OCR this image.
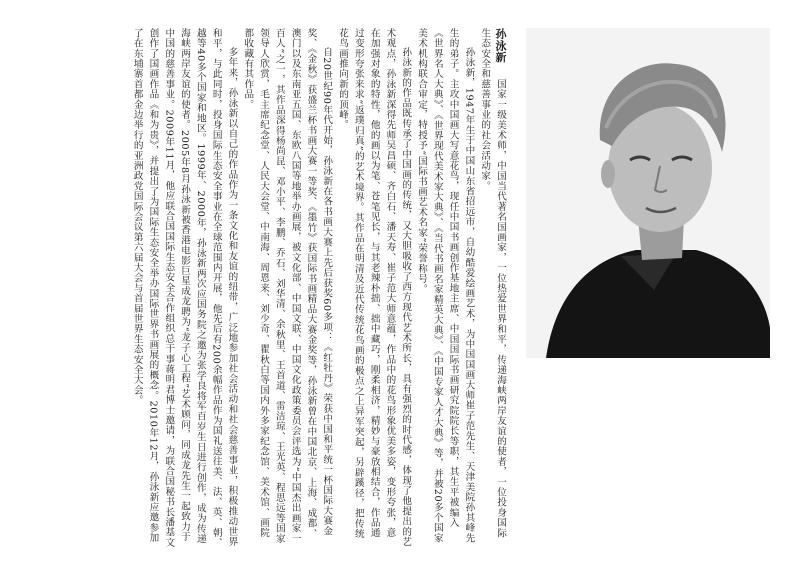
孙泳新　国家一级美术师，中国当代著名国画家，一位热爱世界和平，传递海峡两岸友谊的使者，一位投身国际生态安全和慈善事业的社会活动家。

孙泳新，1947年生于中国山东省招远市，自幼酷爱绘画艺术，为中国国画大师崔子范先生、天津美院孙其峰先生的弟子。主攻中国画大写意花鸟，现任中国书画创作基地主席、中国国际书画研究院院长等职，其生平被编入《世界名人大典》、《世界现代美术家大典》、《当代书画名家精英大典》、《中国专家人才大典》等，并被20多个国家美术机构联合审定，特授予“国际书画艺术名家”荣誉称号。

孙泳新的作品既传承了中国画的传统，又大胆吸收了西方现代艺术所长，具有强烈的时代感，体现了他提出的艺术观点，孙泳新深得先师吴昌硕、齐白石、潘天寿、崔子范大师意蕴，作品中的花鸟形象优美多姿，变形夸张，意在加强对象的特性，他的画以为笔、苍笔见长，与其老辣朴拙、拙中藏巧，刚柔相济，精妙与豪放相结合，作品通过变形夸张来求“返璞归真”的艺术境界。其作品在明清及近代传统花鸟画的极点之上异军突起，另辟蹊径，把传统花鸟画推向新的顶峰。

自20世纪90年代开始，孙泳新在各书画大赛上先后获奖60多项：《红牡丹》荣获中国和平统一杯国际大赛金奖、《金秋》获盛兰杯书画大赛一等奖、《墨竹》获国际书画精品大赛金奖等，孙泳新曾在中国北京、上海、成都、澳门以及东南亚五国、东欧八国等地举办画展，被文化部、中国文联、中国文化政策委员会评选为“中国杰出画家一百人”之一，其作品深得杨尚昆、邓小平、李鹏、乔石、刘华清、余秋里、王首道、雷洁琼、王光英、程思远等国家领导人欣赏，毛主席纪念堂、人民大会堂、中南海、周恩来、刘少奇、瞿秋白等国内外多家纪念馆、美术馆、画院都收藏有其作品。

多年来，孙泳新以自己的作品作为一条文化和友谊的纽带，广泛地参加社会活动和社会慈善事业，积极推动世界和平，与此同时，投身国际生态安全事业在全球范围内开展，他先后有200余幅作品作为国礼送往美、法、英、朝、越等40多个国家和地区。1999年、2000年，孙泳新两次应国务院之邀为张学良将军百岁生日进行创作，成为传递海峡两岸友谊的使者。2005年8月孙泳新被香港电影巨星成龙聘为“龙子心工程”艺术顾问，同成龙先生一起致力于中国的慈善事业。2009年11月，他应联合国国际生态安全合作组织总干事蒋明君博士邀请，为联合国秘书长潘基文创作了国画作品《和为贵》，并提出了为国际生态安全举办国际世界书画展的概念。2010年12月，孙泳新应邀参加了在东埔寨首都金边举行的亚洲政党国际会议第六届大会与首届世界生态安全大会。
